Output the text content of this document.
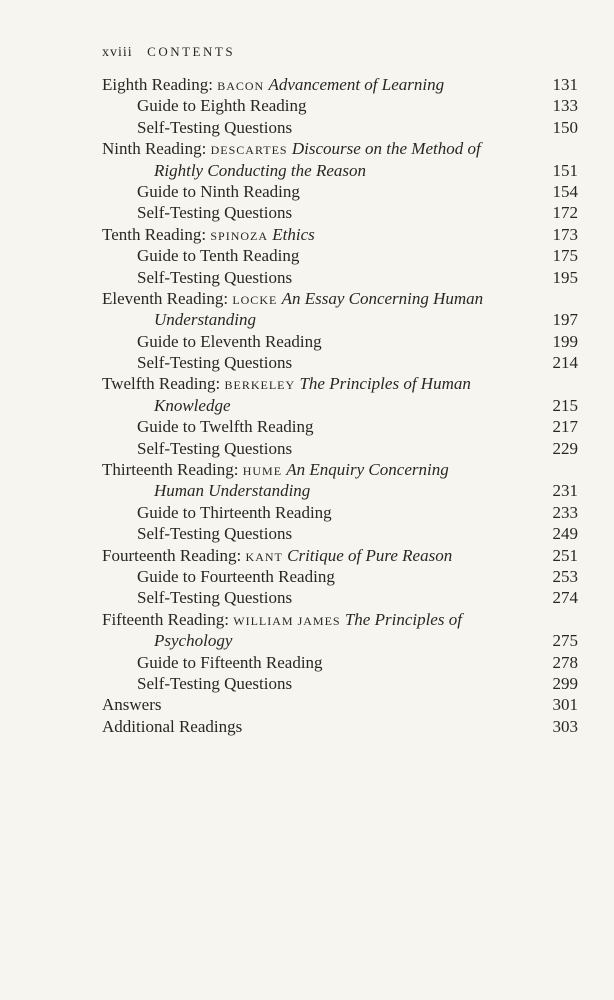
xviii CONTENTS
Eighth Reading: BACON Advancement of Learning	131
Guide to Eighth Reading	133
Self-Testing Questions	150
Ninth Reading: DESCARTES Discourse on the Method of
Rightly Conducting the Reason	151
Guide to Ninth Reading	154
Self-Testing Questions	172
Tenth Reading: SPINOZA Ethics	173
Guide to Tenth Reading	175
Self-Testing Questions	195
Eleventh Reading: LOCKE An Essay Concerning Human
Understanding	197
Guide to Eleventh Reading	199
Self-Testing Questions	214
Twelfth Reading: BERKELEY The Principles of Human
Knowledge	215
Guide to Twelfth Reading	217
Self-Testing Questions	229
Thirteenth Reading: HUME An Enquiry Concerning
Human Understanding	231
Guide to Thirteenth Reading	233
Self-Testing Questions	249
Fourteenth Reading: KANT Critique of Pure Reason	251
Guide to Fourteenth Reading	253
Self-Testing Questions	274
Fifteenth Reading: WILLIAM JAMES The Principles of
Psychology	275
Guide to Fifteenth Reading	278
Self-Testing Questions	299
Answers	301
Additional Readings	303
